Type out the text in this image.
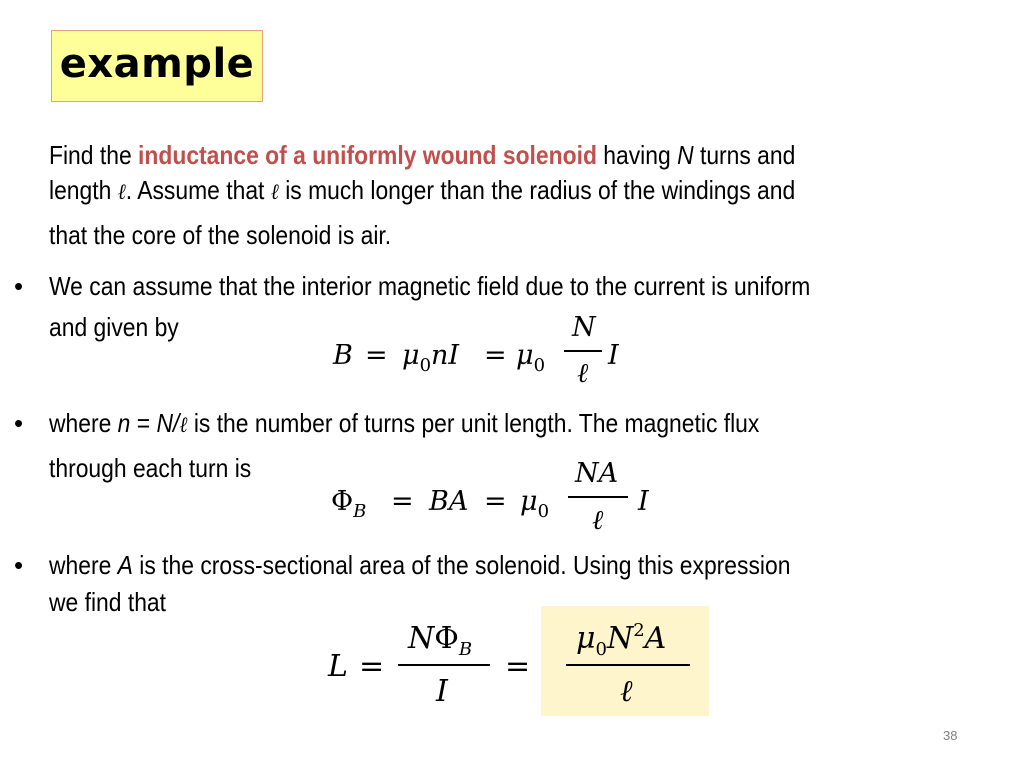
example
Find the inductance of a uniformly wound solenoid having N turns and
length ℓ. Assume that ℓ is much longer than the radius of the windings and
that the core of the solenoid is air.
• We can assume that the interior magnetic field due to the current is uniform
and given by
$B = \mu_0nI = \mu_0$
N
ℓ
I
• where n = N/ℓ is the number of turns per unit length. The magnetic flux
through each turn is
$\Phi_B$ = BA = $\mu_0$
NA
ℓ
I
• where A is the cross-sectional area of the solenoid. Using this expression
we find that
L =
$N\Phi_B$
I
=
$\mu_0N^2A$
ℓ
38
